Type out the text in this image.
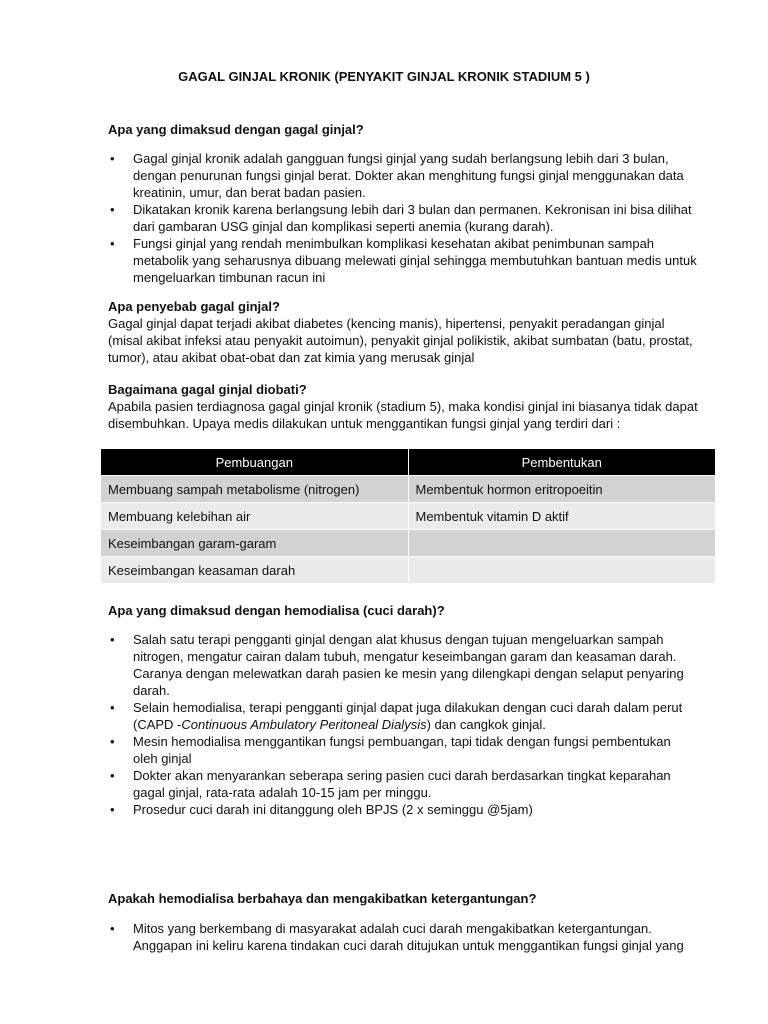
GAGAL GINJAL KRONIK (PENYAKIT GINJAL KRONIK STADIUM 5 )
Apa yang dimaksud dengan gagal ginjal?
• Gagal ginjal kronik adalah gangguan fungsi ginjal yang sudah berlangsung lebih dari 3 bulan, dengan penurunan fungsi ginjal berat. Dokter akan menghitung fungsi ginjal menggunakan data kreatinin, umur, dan berat badan pasien.
• Dikatakan kronik karena berlangsung lebih dari 3 bulan dan permanen. Kekronisan ini bisa dilihat dari gambaran USG ginjal dan komplikasi seperti anemia (kurang darah).
• Fungsi ginjal yang rendah menimbulkan komplikasi kesehatan akibat penimbunan sampah metabolik yang seharusnya dibuang melewati ginjal sehingga membutuhkan bantuan medis untuk mengeluarkan timbunan racun ini
Apa penyebab gagal ginjal?
Gagal ginjal dapat terjadi akibat diabetes (kencing manis), hipertensi, penyakit peradangan ginjal (misal akibat infeksi atau penyakit autoimun), penyakit ginjal polikistik, akibat sumbatan (batu, prostat, tumor), atau akibat obat-obat dan zat kimia yang merusak ginjal
Bagaimana gagal ginjal diobati?
Apabila pasien terdiagnosa gagal ginjal kronik (stadium 5), maka kondisi ginjal ini biasanya tidak dapat disembuhkan. Upaya medis dilakukan untuk menggantikan fungsi ginjal yang terdiri dari :
Pembuangan	Pembentukan
Membuang sampah metabolisme (nitrogen)	Membentuk hormon eritropoeitin
Membuang kelebihan air	Membentuk vitamin D aktif
Keseimbangan garam-garam	
Keseimbangan keasaman darah	
Apa yang dimaksud dengan hemodialisa (cuci darah)?
• Salah satu terapi pengganti ginjal dengan alat khusus dengan tujuan mengeluarkan sampah nitrogen, mengatur cairan dalam tubuh, mengatur keseimbangan garam dan keasaman darah. Caranya dengan melewatkan darah pasien ke mesin yang dilengkapi dengan selaput penyaring darah.
• Selain hemodialisa, terapi pengganti ginjal dapat juga dilakukan dengan cuci darah dalam perut (CAPD -Continuous Ambulatory Peritoneal Dialysis) dan cangkok ginjal.
• Mesin hemodialisa menggantikan fungsi pembuangan, tapi tidak dengan fungsi pembentukan oleh ginjal
• Dokter akan menyarankan seberapa sering pasien cuci darah berdasarkan tingkat keparahan gagal ginjal, rata-rata adalah 10-15 jam per minggu.
• Prosedur cuci darah ini ditanggung oleh BPJS (2 x seminggu @5jam)
Apakah hemodialisa berbahaya dan mengakibatkan ketergantungan?
• Mitos yang berkembang di masyarakat adalah cuci darah mengakibatkan ketergantungan. Anggapan ini keliru karena tindakan cuci darah ditujukan untuk menggantikan fungsi ginjal yang
